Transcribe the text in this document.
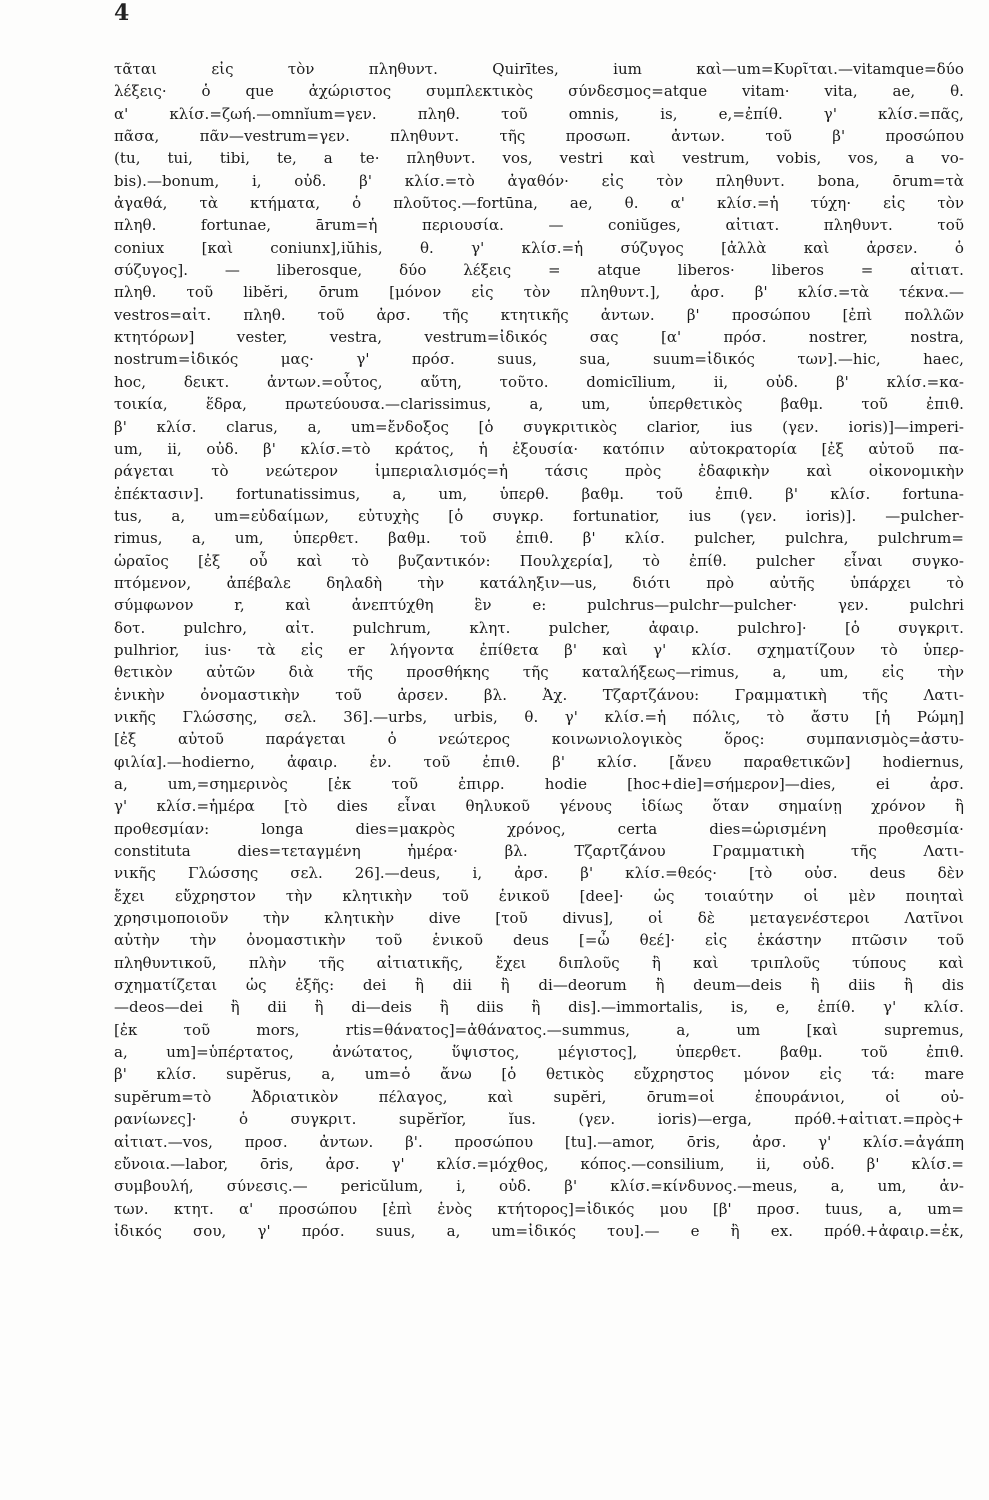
4
τᾶται εἰς τὸν πληθυντ. Quirītes, ium καὶ—um=Κυρῖται.—vitamque=δύο
λέξεις· ὁ que ἀχώριστος συμπλεκτικὸς σύνδεσμος=atque vitam· vita, ae, θ.
α' κλίσ.=ζωή.—omnĭum=γεν. πληθ. τοῦ omnis, is, e,=ἐπίθ. γ' κλίσ.=πᾶς,
πᾶσα, πᾶν—vestrum=γεν. πληθυντ. τῆς προσωπ. ἀντων. τοῦ β' προσώπου
(tu, tui, tibi, te, a te· πληθυντ. vos, vestri καὶ vestrum, vobis, vos, a vo-
bis).—bonum, i, οὐδ. β' κλίσ.=τὸ ἀγαθόν· εἰς τὸν πληθυντ. bona, ōrum=τὰ
ἀγαθά, τὰ κτήματα, ὁ πλοῦτος.—fortūna, ae, θ. α' κλίσ.=ἡ τύχη· εἰς τὸν
πληθ. fortunae, ārum=ἡ περιουσία. — coniŭges, αἰτιατ. πληθυντ. τοῦ
coniux [καὶ coniunx],iŭhis, θ. γ' κλίσ.=ἡ σύζυγος [ἀλλὰ καὶ ἀρσεν. ὁ
σύζυγος]. — liberosque, δύο λέξεις = atque liberos· liberos = αἰτιατ.
πληθ. τοῦ libĕri, ōrum [μόνον εἰς τὸν πληθυντ.], ἀρσ. β' κλίσ.=τὰ τέκνα.—
vestros=αἰτ. πληθ. τοῦ ἀρσ. τῆς κτητικῆς ἀντων. β' προσώπου [ἐπὶ πολλῶν
κτητόρων] vester, vestra, vestrum=ἰδικός σας [α' πρόσ. nostrer, nostra,
nostrum=ἰδικός μας· γ' πρόσ. suus, sua, suum=ἰδικός των].—hic, haec,
hoc, δεικτ. ἀντων.=οὗτος, αὕτη, τοῦτο. domicīlium, ii, οὐδ. β' κλίσ.=κα-
τοικία, ἕδρα, πρωτεύουσα.—clarissimus, a, um, ὑπερθετικὸς βαθμ. τοῦ ἐπιθ.
β' κλίσ. clarus, a, um=ἔνδοξος [ὁ συγκριτικὸς clarior, ius (γεν. ioris)]—imperi-
um, ii, οὐδ. β' κλίσ.=τὸ κράτος, ἡ ἐξουσία· κατόπιν αὐτοκρατορία [ἐξ αὐτοῦ πα-
ράγεται τὸ νεώτερον ἰμπεριαλισμός=ἡ τάσις πρὸς ἐδαφικὴν καὶ οἰκονομικὴν
ἐπέκτασιν]. fortunatissimus, a, um, ὑπερθ. βαθμ. τοῦ ἐπιθ. β' κλίσ. fortuna-
tus, a, um=εὐδαίμων, εὐτυχὴς [ὁ συγκρ. fortunatior, ius (γεν. ioris)]. —pulcher-
rimus, a, um, ὑπερθετ. βαθμ. τοῦ ἐπιθ. β' κλίσ. pulcher, pulchra, pulchrum=
ὡραῖος [ἐξ οὗ καὶ τὸ βυζαντικόν: Πουλχερία], τὸ ἐπίθ. pulcher εἶναι συγκο-
πτόμενον, ἀπέβαλε δηλαδὴ τὴν κατάληξιν—us, διότι πρὸ αὐτῆς ὑπάρχει τὸ
σύμφωνον r, καὶ ἀνεπτύχθη ἓν e: pulchrus—pulchr—pulcher· γεν. pulchri
δοτ. pulchro, αἰτ. pulchrum, κλητ. pulcher, ἀφαιρ. pulchro]· [ὁ συγκριτ.
pulhrior, ius· τὰ εἰς er λήγοντα ἐπίθετα β' καὶ γ' κλίσ. σχηματίζουν τὸ ὑπερ-
θετικὸν αὐτῶν διὰ τῆς προσθήκης τῆς καταλήξεως—rimus, a, um, εἰς τὴν
ἑνικὴν ὀνομαστικὴν τοῦ ἀρσεν. βλ. Ἀχ. Τζαρτζάνου: Γραμματικὴ τῆς Λατι-
νικῆς Γλώσσης, σελ. 36].—urbs, urbis, θ. γ' κλίσ.=ἡ πόλις, τὸ ἄστυ [ἡ Ρώμη]
[ἐξ αὐτοῦ παράγεται ὁ νεώτερος κοινωνιολογικὸς ὅρος: συμπανισμὸς=ἀστυ-
φιλία].—hodierno, ἀφαιρ. ἑν. τοῦ ἐπιθ. β' κλίσ. [ἄνευ παραθετικῶν] hodiernus,
a, um,=σημερινὸς [ἐκ τοῦ ἐπιρρ. hodie [hoc+die]=σήμερον]—dies, ei ἀρσ.
γ' κλίσ.=ἡμέρα [τὸ dies εἶναι θηλυκοῦ γένους ἰδίως ὅταν σημαίνῃ χρόνον ἢ
προθεσμίαν: longa dies=μακρὸς χρόνος, certa dies=ὡρισμένη προθεσμία·
constituta dies=τεταγμένη ἡμέρα· βλ. Τζαρτζάνου Γραμματικὴ τῆς Λατι-
νικῆς Γλώσσης σελ. 26].—deus, i, ἀρσ. β' κλίσ.=θεός· [τὸ οὐσ. deus δὲν
ἔχει εὔχρηστον τὴν κλητικὴν τοῦ ἑνικοῦ [dee]· ὡς τοιαύτην οἱ μὲν ποιηταὶ
χρησιμοποιοῦν τὴν κλητικὴν dive [τοῦ divus], οἱ δὲ μεταγενέστεροι Λατῖνοι
αὐτὴν τὴν ὀνομαστικὴν τοῦ ἑνικοῦ deus [=ὦ θεέ]· εἰς ἑκάστην πτῶσιν τοῦ
πληθυντικοῦ, πλὴν τῆς αἰτιατικῆς, ἔχει διπλοῦς ἢ καὶ τριπλοῦς τύπους καὶ
σχηματίζεται ὡς ἑξῆς: dei ἢ dii ἢ di—deorum ἢ deum—deis ἢ diis ἢ dis
—deos—dei ἢ dii ἢ di—deis ἢ diis ἢ dis].—immortalis, is, e, ἐπίθ. γ' κλίσ.
[ἐκ τοῦ mors, rtis=θάνατος]=ἀθάνατος.—summus, a, um [καὶ supremus,
a, um]=ὑπέρτατος, ἀνώτατος, ὕψιστος, μέγιστος], ὑπερθετ. βαθμ. τοῦ ἐπιθ.
β' κλίσ. supĕrus, a, um=ὁ ἄνω [ὁ θετικὸς εὔχρηστος μόνον εἰς τά: mare
supĕrum=τὸ Ἀδριατικὸν πέλαγος, καὶ supĕri, ōrum=οἱ ἐπουράνιοι, οἱ οὐ-
ρανίωνες]· ὁ συγκριτ. supĕrĭor, ĭus. (γεν. ioris)—erga, πρόθ.+αἰτιατ.=πρὸς+
αἰτιατ.—vos, προσ. ἀντων. β'. προσώπου [tu].—amor, ōris, ἀρσ. γ' κλίσ.=ἀγάπη
εὔνοια.—labor, ōris, ἀρσ. γ' κλίσ.=μόχθος, κόπος.—consilium, ii, οὐδ. β' κλίσ.=
συμβουλή, σύνεσις.— pericŭlum, i, οὐδ. β' κλίσ.=κίνδυνος.—meus, a, um, ἀν-
των. κτητ. α' προσώπου [ἐπὶ ἑνὸς κτήτορος]=ἰδικός μου [β' προσ. tuus, a, um=
ἰδικός σου, γ' πρόσ. suus, a, um=ἰδικός του].— e ἢ ex. πρόθ.+ἀφαιρ.=ἐκ,
